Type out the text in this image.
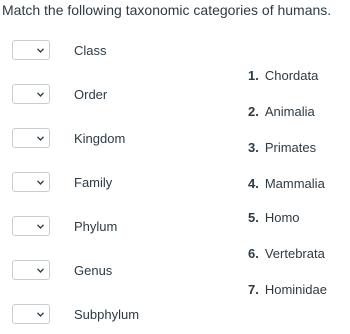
Match the following taxonomic categories of humans.
Class
Order
Kingdom
Family
Phylum
Genus
Subphylum
1. Chordata
2. Animalia
3. Primates
4. Mammalia
5. Homo
6. Vertebrata
7. Hominidae
